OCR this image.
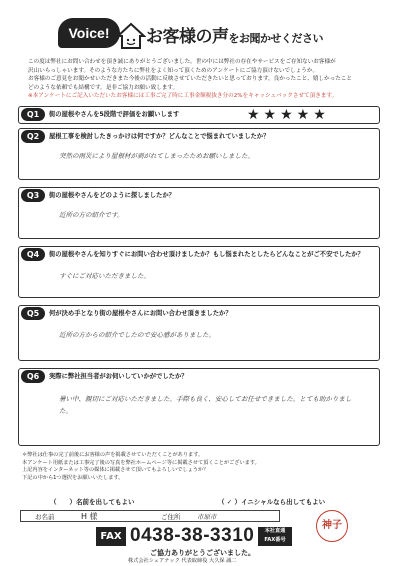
Voice!	お客様の声をお聞かせください
この度は弊社にお問い合わせを頂き誠にありがとうございました。世の中には弊社の存在やサービスをご存知ないお客様が
沢山いらっしゃいます。そのような方たちに弊社をよく知って頂くためのアンケートにご協力頂けないでしょうか。
お客様のご意見をお聞かせいただきまた今後の活動に反映させていただきたいと思っております。良かったこと、嬉しかったこと
どのような依頼でも結構です。是非ご協力お願い致します。
※本アンケートにご記入いただいたお客様には工事ご完了時に工事金額税抜き分の2%をキャッシュバックさせて頂きます。
Q1	街の屋根やさんを5段階で評価をお願いします	★★★★★
Q2	屋根工事を検討したきっかけは何ですか？どんなことで悩まれていましたか？
突然の雨災により屋根材が剥がれてしまったためお願いしました。
Q3	街の屋根やさんをどのように探しましたか？
近所の方の紹介です。
Q4	街の屋根やさんを知りすぐにお問い合わせ頂けましたか？もし悩まれたとしたらどんなことがご不安でしたか？
すぐにご対応いただきました。
Q5	何が決め手となり街の屋根やさんにお問い合わせ頂きましたか？
近所の方からの紹介でしたので安心感がありました。
Q6	実際に弊社担当者がお伺いしていかがでしたか？
暑い中、親切にご対応いただきました。手際も良く、安心してお任せできました。とても助かりました。
＊弊社は仕事の完了前後にお客様の声を掲載させていただくことがあります。
本アンケート用紙または工事完了後の写真を弊社ホームページ等に掲載させて頂くことがございます。
上記内容をインターネット等の媒体に掲載させて頂いてもよろしいでしょうか？
下記の中から1つ選択をお願いいたします。
（　　）名前を出してもよい	（ ✓ ）イニシャルなら出してもよい
お名前	H 様	ご住所	市原市
FAX 0438-38-3310	本社直通
FAX番号
神子
ご協力ありがとうございました。
株式会社シェアテック 代表取締役 大久保 誠二
